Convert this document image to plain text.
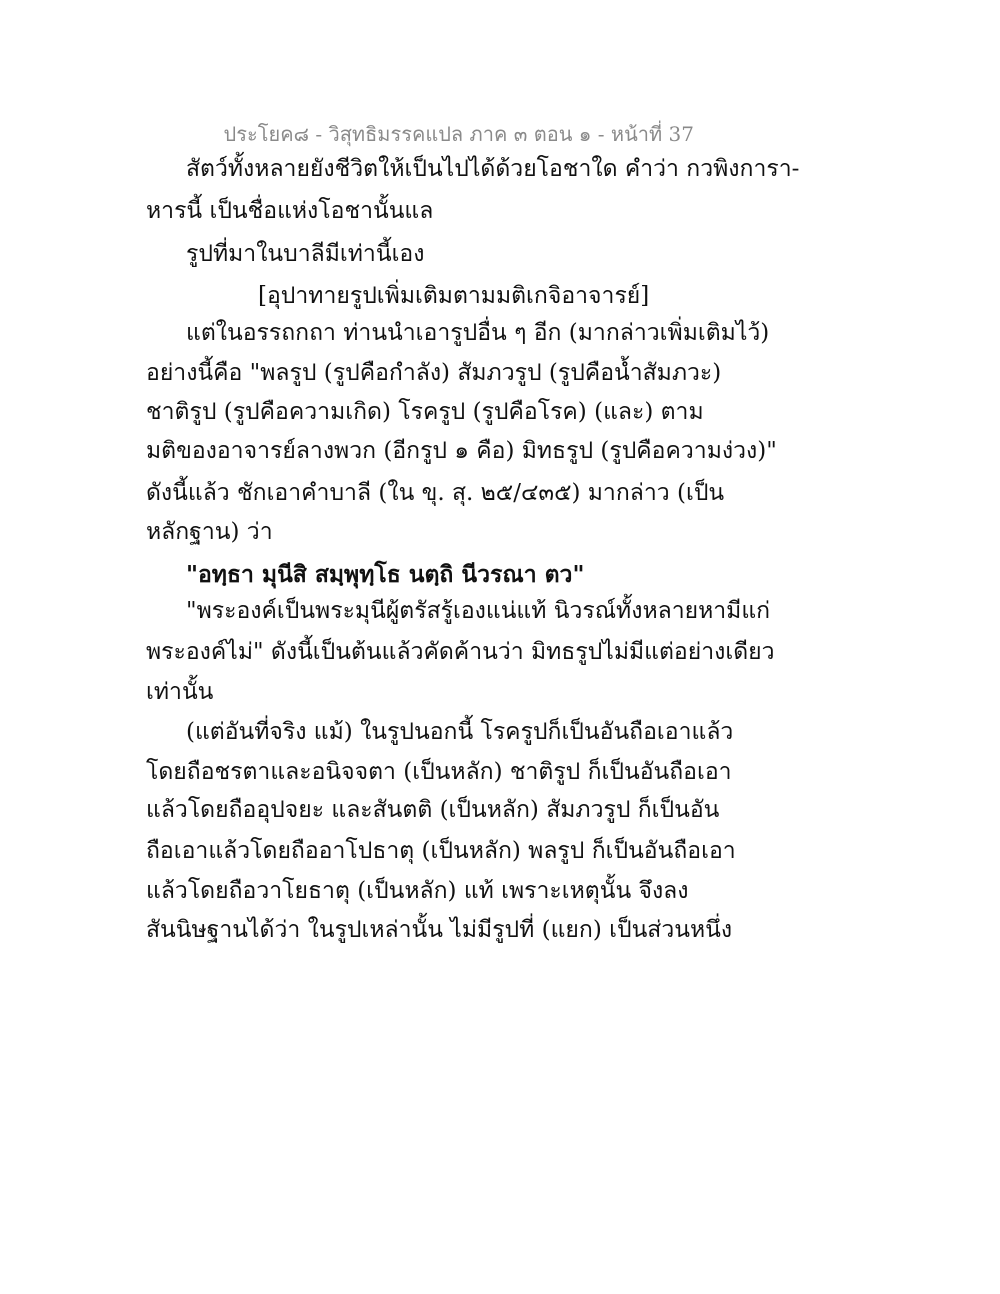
ประโยค๘ - วิสุทธิมรรคแปล ภาค ๓ ตอน ๑ - หน้าที่ 37
สัตว์ทั้งหลายยังชีวิตให้เป็นไปได้ด้วยโอชาใด คำว่า กวพิงการา-
หารนี้ เป็นชื่อแห่งโอชานั้นแล
รูปที่มาในบาลีมีเท่านี้เอง
[อุปาทายรูปเพิ่มเติมตามมติเกจิอาจารย์]
แต่ในอรรถกถา ท่านนำเอารูปอื่น ๆ อีก (มากล่าวเพิ่มเติมไว้)
อย่างนี้คือ "พลรูป (รูปคือกำลัง) สัมภวรูป (รูปคือน้ำสัมภวะ)
ชาติรูป (รูปคือความเกิด) โรครูป (รูปคือโรค) (และ) ตาม
มติของอาจารย์ลางพวก (อีกรูป ๑ คือ) มิทธรูป (รูปคือความง่วง)"
ดังนี้แล้ว ชักเอาคำบาลี (ใน ขุ. สุ. ๒๕/๔๓๕) มากล่าว (เป็น
หลักฐาน) ว่า
"อทฺธา มุนีสิ สมฺพุทฺโธ นตฺถิ นีวรณา ตว"
"พระองค์เป็นพระมุนีผู้ตรัสรู้เองแน่แท้ นิวรณ์ทั้งหลายหามีแก่
พระองค์ไม่" ดังนี้เป็นต้นแล้วคัดค้านว่า มิทธรูปไม่มีแต่อย่างเดียว
เท่านั้น
(แต่อันที่จริง แม้) ในรูปนอกนี้ โรครูปก็เป็นอันถือเอาแล้ว
โดยถือชรตาและอนิจจตา (เป็นหลัก) ชาติรูป ก็เป็นอันถือเอา
แล้วโดยถืออุปจยะ และสันตติ (เป็นหลัก) สัมภวรูป ก็เป็นอัน
ถือเอาแล้วโดยถืออาโปธาตุ (เป็นหลัก) พลรูป ก็เป็นอันถือเอา
แล้วโดยถือวาโยธาตุ (เป็นหลัก) แท้ เพราะเหตุนั้น จึงลง
สันนิษฐานได้ว่า ในรูปเหล่านั้น ไม่มีรูปที่ (แยก) เป็นส่วนหนึ่ง
